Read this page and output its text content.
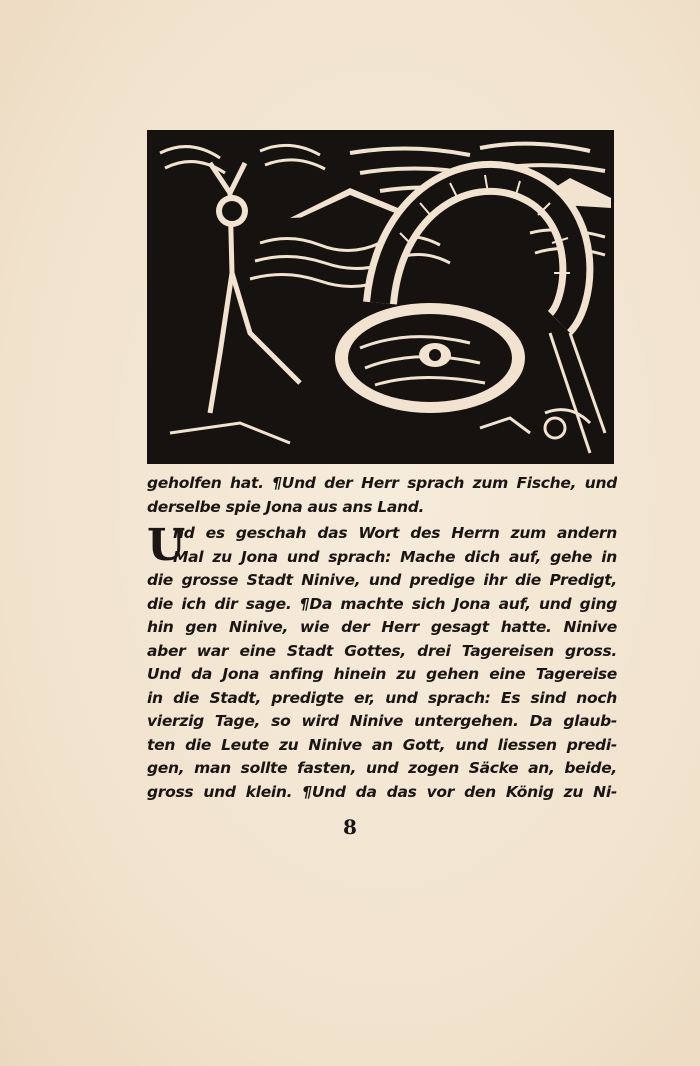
geholfen hat. ¶Und der Herr sprach zum Fische, und
derselbe spie Jona aus ans Land.
U
nd es geschah das Wort des Herrn zum andern
Mal zu Jona und sprach: Mache dich auf, gehe in
die grosse Stadt Ninive, und predige ihr die Predigt,
die ich dir sage. ¶Da machte sich Jona auf, und ging
hin gen Ninive, wie der Herr gesagt hatte. Ninive
aber war eine Stadt Gottes, drei Tagereisen gross.
Und da Jona anfing hinein zu gehen eine Tagereise
in die Stadt, predigte er, und sprach: Es sind noch
vierzig Tage, so wird Ninive untergehen. Da glaub-
ten die Leute zu Ninive an Gott, und liessen predi-
gen, man sollte fasten, und zogen Säcke an, beide,
gross und klein. ¶Und da das vor den König zu Ni-
8
